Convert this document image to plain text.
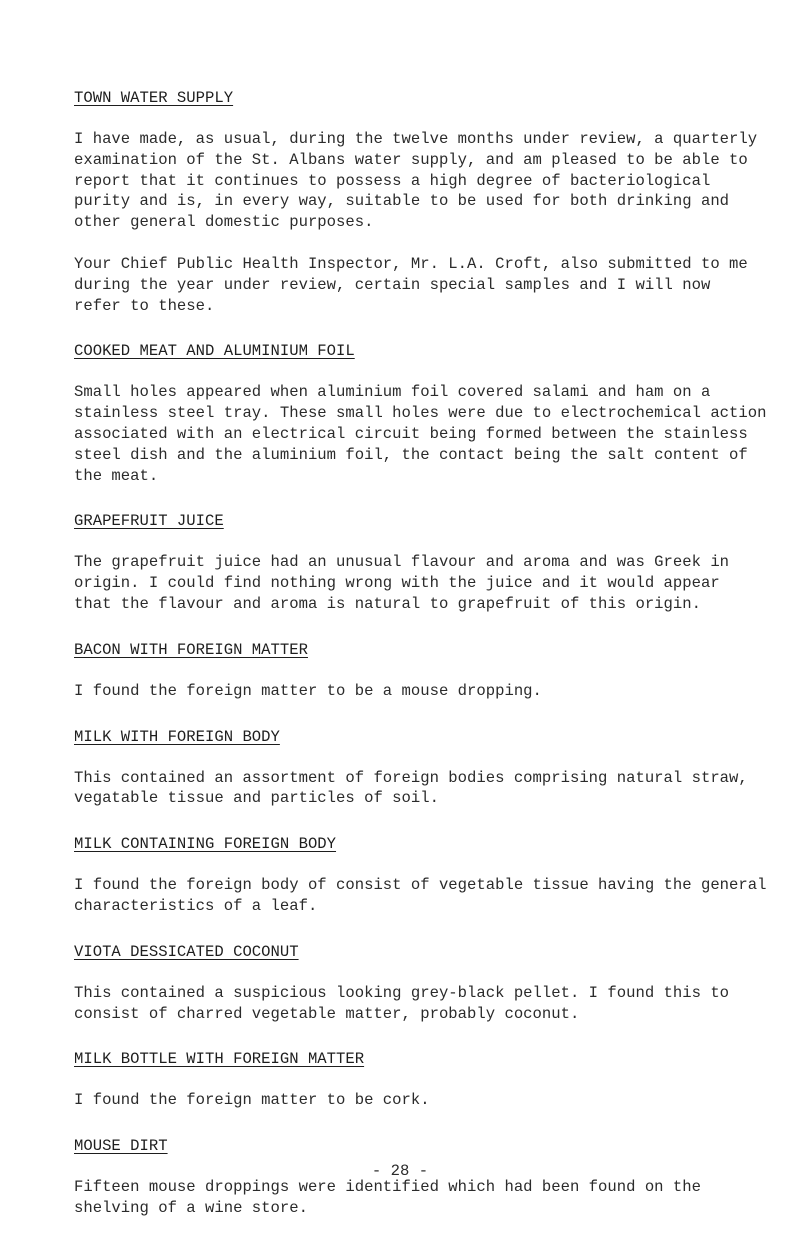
TOWN WATER SUPPLY

I have made, as usual, during the twelve months under review, a quarterly
examination of the St. Albans water supply, and am pleased to be able to
report that it continues to possess a high degree of bacteriological
purity and is, in every way, suitable to be used for both drinking and
other general domestic purposes.

Your Chief Public Health Inspector, Mr. L.A. Croft, also submitted to me
during the year under review, certain special samples and I will now
refer to these.

COOKED MEAT AND ALUMINIUM FOIL

Small holes appeared when aluminium foil covered salami and ham on a
stainless steel tray. These small holes were due to electrochemical action
associated with an electrical circuit being formed between the stainless
steel dish and the aluminium foil, the contact being the salt content of
the meat.

GRAPEFRUIT JUICE

The grapefruit juice had an unusual flavour and aroma and was Greek in
origin. I could find nothing wrong with the juice and it would appear
that the flavour and aroma is natural to grapefruit of this origin.

BACON WITH FOREIGN MATTER

I found the foreign matter to be a mouse dropping.

MILK WITH FOREIGN BODY

This contained an assortment of foreign bodies comprising natural straw,
vegatable tissue and particles of soil.

MILK CONTAINING FOREIGN BODY

I found the foreign body of consist of vegetable tissue having the general
characteristics of a leaf.

VIOTA DESSICATED COCONUT

This contained a suspicious looking grey-black pellet. I found this to
consist of charred vegetable matter, probably coconut.

MILK BOTTLE WITH FOREIGN MATTER

I found the foreign matter to be cork.

MOUSE DIRT

Fifteen mouse droppings were identified which had been found on the
shelving of a wine store.

- 28 -
